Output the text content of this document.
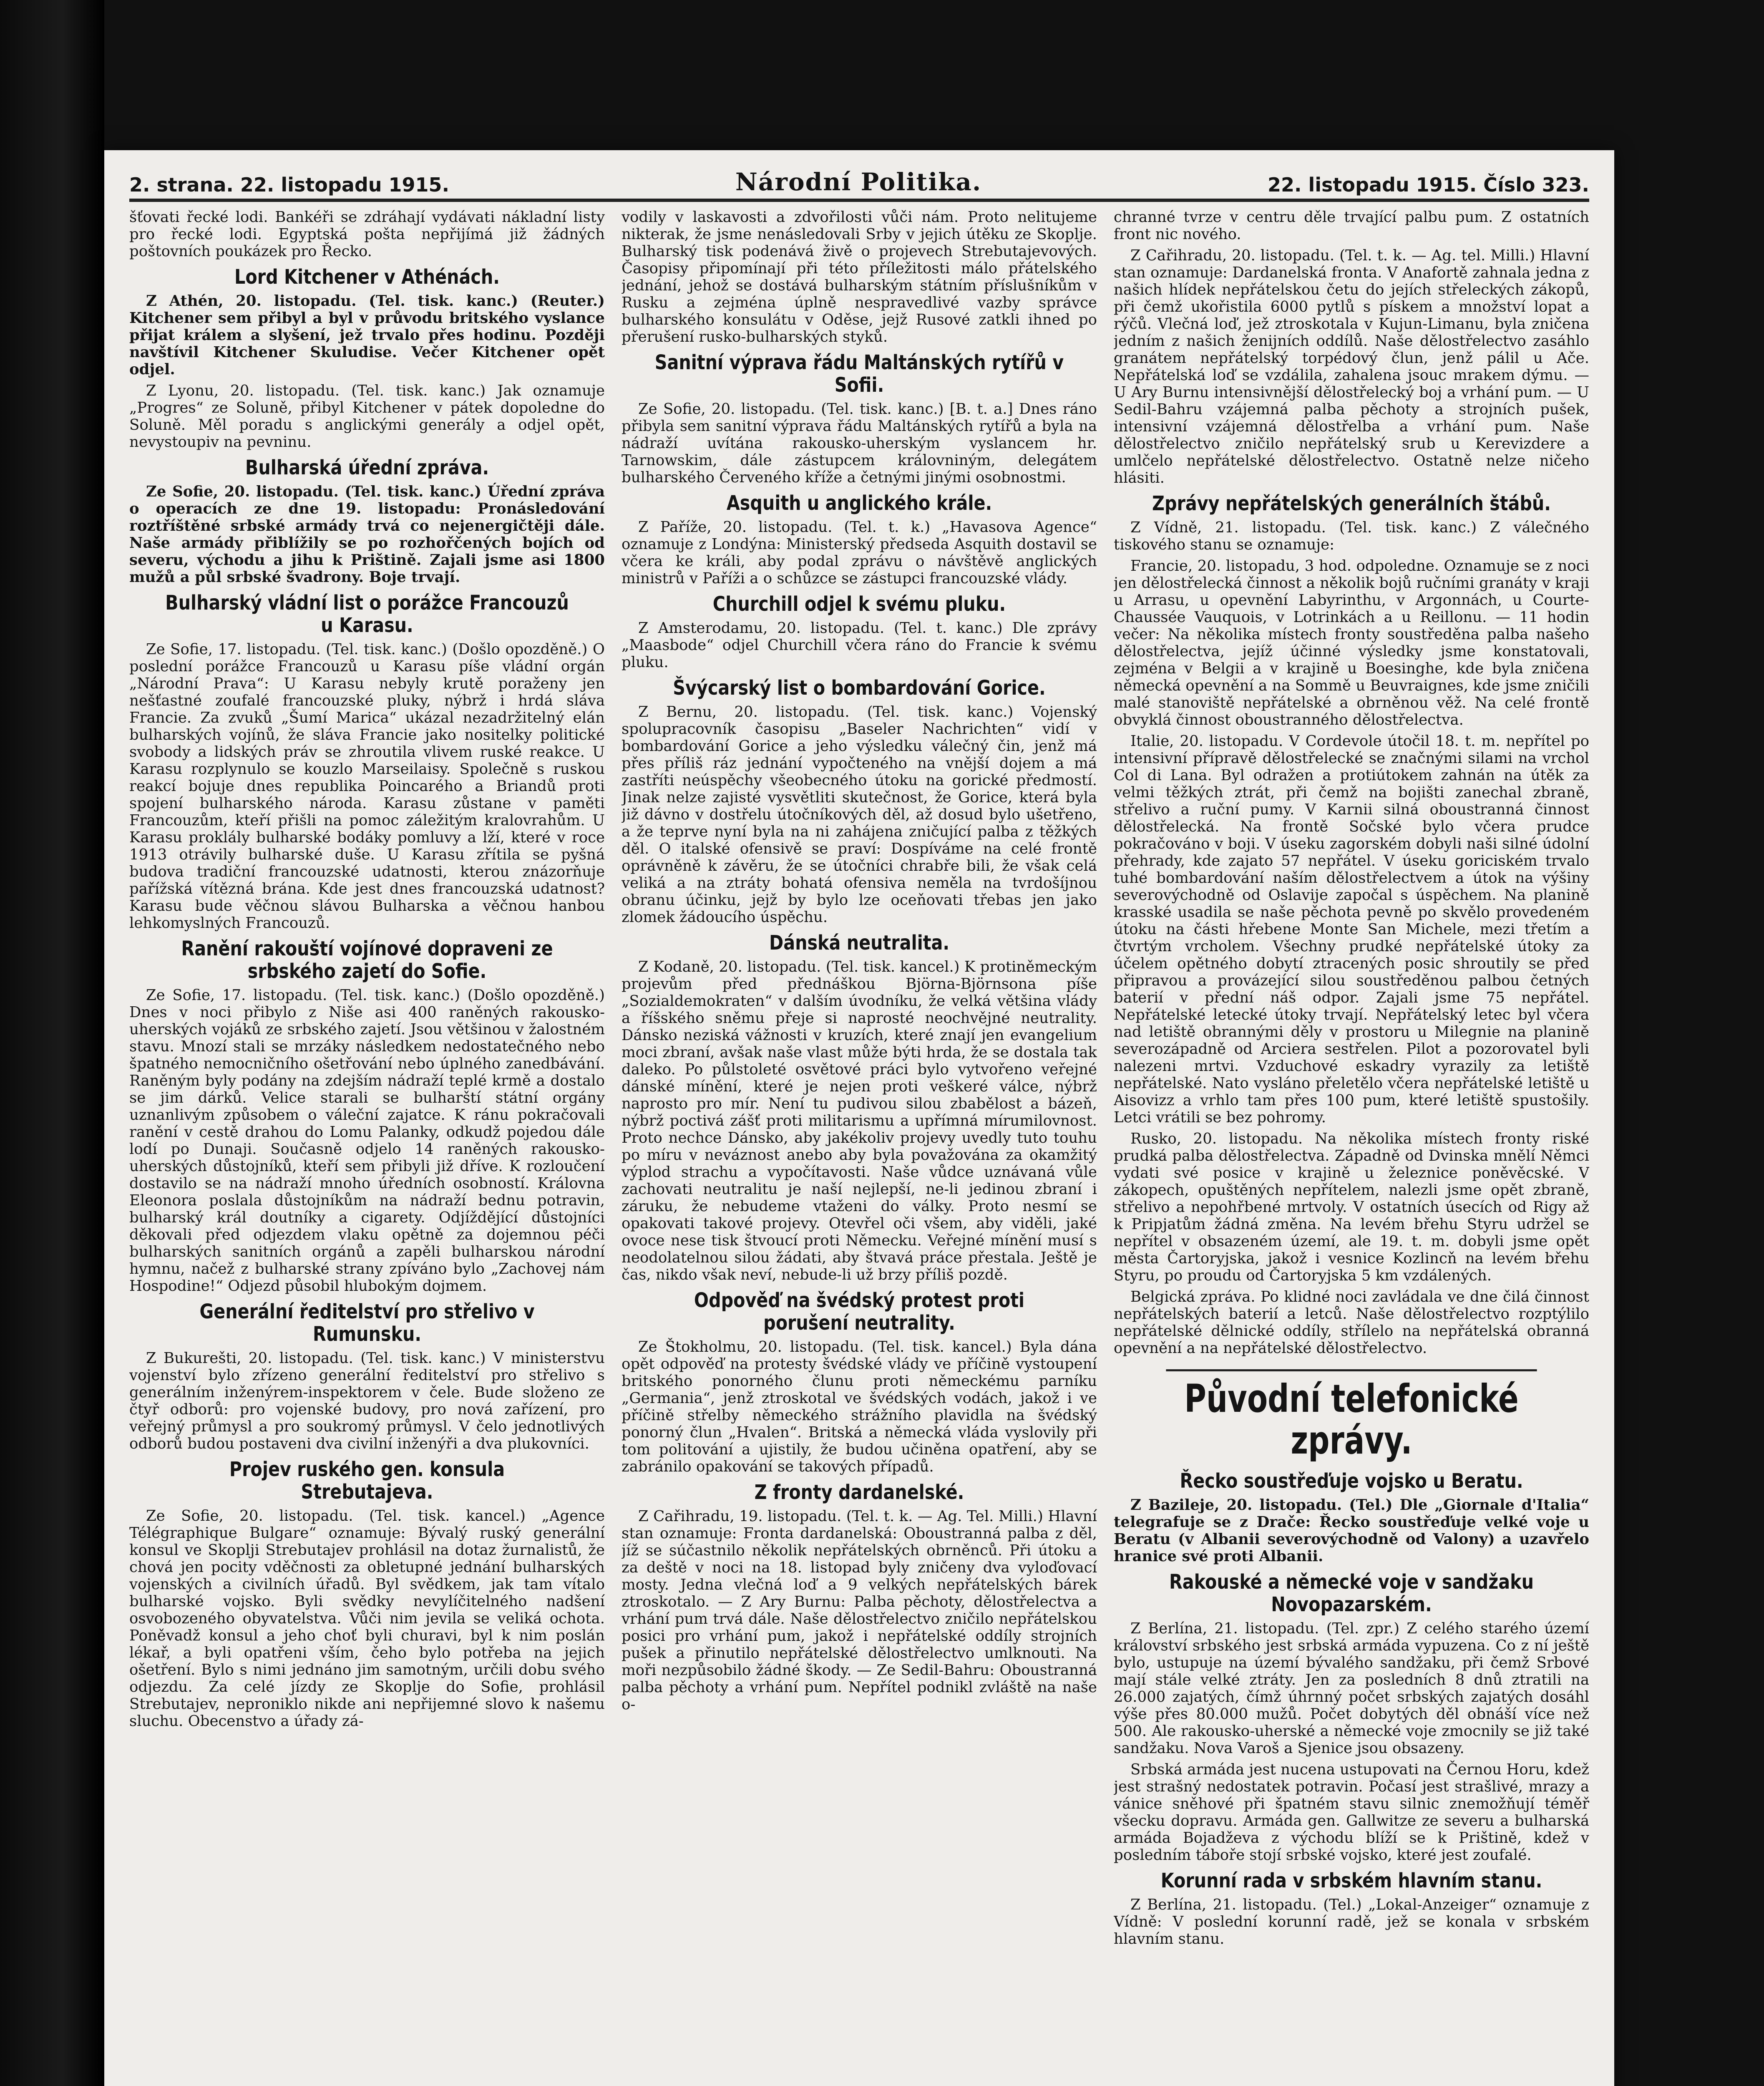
2. strana. 22. listopadu 1915.	Národní Politika.	22. listopadu 1915. Číslo 323.

šťovati řecké lodi. Bankéři se zdráhají vydávati nákladní listy pro řecké lodi. Egyptská pošta nepřijímá již žádných poštovních poukázek pro Řecko.

Lord Kitchener v Athénách.

Z Athén, 20. listopadu. (Tel. tisk. kanc.) (Reuter.) Kitchener sem přibyl a byl v průvodu britského vyslance přijat králem a slyšení, jež trvalo přes hodinu. Později navštívil Kitchener Skuludise. Večer Kitchener opět odjel.

Z Lyonu, 20. listopadu. (Tel. tisk. kanc.) Jak oznamuje „Progres“ ze Soluně, přibyl Kitchener v pátek dopoledne do Soluně. Měl poradu s anglickými generály a odjel opět, nevystoupiv na pevninu.

Bulharská úřední zpráva.

Ze Sofie, 20. listopadu. (Tel. tisk. kanc.) Úřední zpráva o operacích ze dne 19. listopadu: Pronásledování roztříštěné srbské armády trvá co nejenergičtěji dále. Naše armády přiblížily se po rozhořčených bojích od severu, východu a jihu k Prištině. Zajali jsme asi 1800 mužů a půl srbské švadrony. Boje trvají.

Bulharský vládní list o porážce Francouzů u Karasu.

Ze Sofie, 17. listopadu. (Tel. tisk. kanc.) (Došlo opozděně.) O poslední porážce Francouzů u Karasu píše vládní orgán „Národní Prava“: U Karasu nebyly krutě poraženy jen nešťastné zoufalé francouzské pluky, nýbrž i hrdá sláva Francie. Za zvuků „Šumí Marica“ ukázal nezadržitelný elán bulharských vojínů, že sláva Francie jako nositelky politické svobody a lidských práv se zhroutila vlivem ruské reakce. U Karasu rozplynulo se kouzlo Marseilaisy. Společně s ruskou reakcí bojuje dnes republika Poincarého a Briandů proti spojení bulharského národa. Karasu zůstane v paměti Francouzům, kteří přišli na pomoc záležitým kralovrahům. U Karasu proklály bulharské bodáky pomluvy a lží, které v roce 1913 otrávily bulharské duše. U Karasu zřítila se pyšná budova tradiční francouzské udatnosti, kterou znázorňuje pařížská vítězná brána. Kde jest dnes francouzská udatnost? Karasu bude věčnou slávou Bulharska a věčnou hanbou lehkomyslných Francouzů.

Ranění rakouští vojínové dopraveni ze srbského zajetí do Sofie.

Ze Sofie, 17. listopadu. (Tel. tisk. kanc.) (Došlo opozděně.) Dnes v noci přibylo z Niše asi 400 raněných rakousko-uherských vojáků ze srbského zajetí. Jsou většinou v žalostném stavu. Mnozí stali se mrzáky následkem nedostatečného nebo špatného nemocničního ošetřování nebo úplného zanedbávání. Raněným byly podány na zdejším nádraží teplé krmě a dostalo se jim dárků. Velice starali se bulharští státní orgány uznanlivým způsobem o váleční zajatce. K ránu pokračovali ranění v cestě drahou do Lomu Palanky, odkudž pojedou dále lodí po Dunaji. Současně odjelo 14 raněných rakousko-uherských důstojníků, kteří sem přibyli již dříve. K rozloučení dostavilo se na nádraží mnoho úředních osobností. Královna Eleonora poslala důstojníkům na nádraží bednu potravin, bulharský král doutníky a cigarety. Odjíždějící důstojníci děkovali před odjezdem vlaku opětně za dojemnou péči bulharských sanitních orgánů a zapěli bulharskou národní hymnu, načež z bulharské strany zpíváno bylo „Zachovej nám Hospodine!“ Odjezd působil hlubokým dojmem.

Generální ředitelství pro střelivo v Rumunsku.

Z Bukurešti, 20. listopadu. (Tel. tisk. kanc.) V ministerstvu vojenství bylo zřízeno generální ředitelství pro střelivo s generálním inženýrem-inspektorem v čele. Bude složeno ze čtyř odborů: pro vojenské budovy, pro nová zařízení, pro veřejný průmysl a pro soukromý průmysl. V čelo jednotlivých odborů budou postaveni dva civilní inženýři a dva plukovníci.

Projev ruského gen. konsula Strebutajeva.

Ze Sofie, 20. listopadu. (Tel. tisk. kancel.) „Agence Télégraphique Bulgare“ oznamuje: Bývalý ruský generální konsul ve Skoplji Strebutajev prohlásil na dotaz žurnalistů, že chová jen pocity vděčnosti za obletupné jednání bulharských vojenských a civilních úřadů. Byl svědkem, jak tam vítalo bulharské vojsko. Byli svědky nevylíčitelného nadšení osvobozeného obyvatelstva. Vůči nim jevila se veliká ochota. Poněvadž konsul a jeho choť byli churavi, byl k nim poslán lékař, a byli opatřeni vším, čeho bylo potřeba na jejich ošetření. Bylo s nimi jednáno jim samotným, určili dobu svého odjezdu. Za celé jízdy ze Skoplje do Sofie, prohlásil Strebutajev, neproniklo nikde ani nepřijemné slovo k našemu sluchu. Obecenstvo a úřady zá-

vodily v laskavosti a zdvořilosti vůči nám. Proto nelitujeme nikterak, že jsme nenásledovali Srby v jejich útěku ze Skoplje. Bulharský tisk podenává živě o projevech Strebutajevových. Časopisy připomínají při této příležitosti málo přátelského jednání, jehož se dostává bulharským státním příslušníkům v Rusku a zejména úplně nespravedlivé vazby správce bulharského konsulátu v Oděse, jejž Rusové zatkli ihned po přerušení rusko-bulharských styků.

Sanitní výprava řádu Maltánských rytířů v Sofii.

Ze Sofie, 20. listopadu. (Tel. tisk. kanc.) [B. t. a.] Dnes ráno přibyla sem sanitní výprava řádu Maltánských rytířů a byla na nádraží uvítána rakousko-uherským vyslancem hr. Tarnowskim, dále zástupcem královniným, delegátem bulharského Červeného kříže a četnými jinými osobnostmi.

Asquith u anglického krále.

Z Paříže, 20. listopadu. (Tel. t. k.) „Havasova Agence“ oznamuje z Londýna: Ministerský předseda Asquith dostavil se včera ke králi, aby podal zprávu o návštěvě anglických ministrů v Paříži a o schůzce se zástupci francouzské vlády.

Churchill odjel k svému pluku.

Z Amsterodamu, 20. listopadu. (Tel. t. kanc.) Dle zprávy „Maasbode“ odjel Churchill včera ráno do Francie k svému pluku.

Švýcarský list o bombardování Gorice.

Z Bernu, 20. listopadu. (Tel. tisk. kanc.) Vojenský spolupracovník časopisu „Baseler Nachrichten“ vidí v bombardování Gorice a jeho výsledku válečný čin, jenž má přes příliš ráz jednání vypočteného na vnější dojem a má zastříti neúspěchy všeobecného útoku na gorické předmostí. Jinak nelze zajisté vysvětliti skutečnost, že Gorice, která byla již dávno v dostřelu útočníkových děl, až dosud bylo ušetřeno, a že teprve nyní byla na ni zahájena zničující palba z těžkých děl. O italské ofensivě se praví: Dospíváme na celé frontě oprávněně k závěru, že se útočníci chrabře bili, že však celá veliká a na ztráty bohatá ofensiva neměla na tvrdošíjnou obranu účinku, jejž by bylo lze oceňovati třebas jen jako zlomek žádoucího úspěchu.

Dánská neutralita.

Z Kodaně, 20. listopadu. (Tel. tisk. kancel.) K protiněmeckým projevům před přednáškou Björna-Björnsona píše „Sozialdemokraten“ v dalším úvodníku, že velká většina vlády a říšského sněmu přeje si naprosté neochvějné neutrality. Dánsko neziská vážnosti v kruzích, které znají jen evangelium moci zbraní, avšak naše vlast může býti hrda, že se dostala tak daleko. Po půlstoleté osvětové práci bylo vytvořeno veřejné dánské mínění, které je nejen proti veškeré válce, nýbrž naprosto pro mír. Není tu pudivou silou zbabělost a bázeň, nýbrž poctivá zášť proti militarismu a upřímná mírumilovnost. Proto nechce Dánsko, aby jakékoliv projevy uvedly tuto touhu po míru v neváznost anebo aby byla považována za okamžitý výplod strachu a vypočítavosti. Naše vůdce uznávaná vůle zachovati neutralitu je naší nejlepší, ne-li jedinou zbraní i záruku, že nebudeme vtaženi do války. Proto nesmí se opakovati takové projevy. Otevřel oči všem, aby viděli, jaké ovoce nese tisk štvoucí proti Německu. Veřejné mínění musí s neodolatelnou silou žádati, aby štvavá práce přestala. Ještě je čas, nikdo však neví, nebude-li už brzy příliš pozdě.

Odpověď na švédský protest proti porušení neutrality.

Ze Štokholmu, 20. listopadu. (Tel. tisk. kancel.) Byla dána opět odpověď na protesty švédské vlády ve příčině vystoupení britského ponorného člunu proti německému parníku „Germania“, jenž ztroskotal ve švédských vodách, jakož i ve příčině střelby německého strážního plavidla na švédský ponorný člun „Hvalen“. Britská a německá vláda vyslovily při tom politování a ujistily, že budou učiněna opatření, aby se zabránilo opakování se takových případů.

Z fronty dardanelské.

Z Cařihradu, 19. listopadu. (Tel. t. k. — Ag. Tel. Milli.) Hlavní stan oznamuje: Fronta dardanelská: Oboustranná palba z děl, jíž se súčastnilo několik nepřátelských obrněnců. Při útoku a za deště v noci na 18. listopad byly zničeny dva vyloďovací mosty. Jedna vlečná loď a 9 velkých nepřátelských bárek ztroskotalo. — Z Ary Burnu: Palba pěchoty, dělostřelectva a vrhání pum trvá dále. Naše dělostřelectvo zničilo nepřátelskou posici pro vrhání pum, jakož i nepřátelské oddíly strojních pušek a přinutilo nepřátelské dělostřelectvo umlknouti. Na moři nezpůsobilo žádné škody. — Ze Sedil-Bahru: Oboustranná palba pěchoty a vrhání pum. Nepřítel podnikl zvláště na naše o-

chranné tvrze v centru děle trvající palbu pum. Z ostatních front nic nového.

Z Cařihradu, 20. listopadu. (Tel. t. k. — Ag. tel. Milli.) Hlavní stan oznamuje: Dardanelská fronta. V Anafortě zahnala jedna z našich hlídek nepřátelskou četu do jejích střeleckých zákopů, při čemž ukořistila 6000 pytlů s pískem a množství lopat a rýčů. Vlečná loď, jež ztroskotala v Kujun-Limanu, byla zničena jedním z našich ženijních oddílů. Naše dělostřelectvo zasáhlo granátem nepřátelský torpédový člun, jenž pálil u Ače. Nepřátelská loď se vzdálila, zahalena jsouc mrakem dýmu. — U Ary Burnu intensivnější dělostřelecký boj a vrhání pum. — U Sedil-Bahru vzájemná palba pěchoty a strojních pušek, intensivní vzájemná dělostřelba a vrhání pum. Naše dělostřelectvo zničilo nepřátelský srub u Kerevizdere a umlčelo nepřátelské dělostřelectvo. Ostatně nelze ničeho hlásiti.

Zprávy nepřátelských generálních štábů.

Z Vídně, 21. listopadu. (Tel. tisk. kanc.) Z válečného tiskového stanu se oznamuje:

Francie, 20. listopadu, 3 hod. odpoledne. Oznamuje se z noci jen dělostřelecká činnost a několik bojů ručními granáty v kraji u Arrasu, u opevnění Labyrinthu, v Argonnách, u Courte-Chaussée Vauquois, v Lotrinkách a u Reillonu. — 11 hodin večer: Na několika místech fronty soustředěna palba našeho dělostřelectva, jejíž účinné výsledky jsme konstatovali, zejména v Belgii a v krajině u Boesinghe, kde byla zničena německá opevnění a na Sommě u Beuvraignes, kde jsme zničili malé stanoviště nepřátelské a obrněnou věž. Na celé frontě obvyklá činnost oboustranného dělostřelectva.

Italie, 20. listopadu. V Cordevole útočil 18. t. m. nepřítel po intensivní přípravě dělostřelecké se značnými silami na vrchol Col di Lana. Byl odražen a protiútokem zahnán na útěk za velmi těžkých ztrát, při čemž na bojišti zanechal zbraně, střelivo a ruční pumy. V Karnii silná oboustranná činnost dělostřelecká. Na frontě Sočské bylo včera prudce pokračováno v boji. V úseku zagorském dobyli naši silné údolní přehrady, kde zajato 57 nepřátel. V úseku goriciském trvalo tuhé bombardování naším dělostřelectvem a útok na výšiny severovýchodně od Oslavije započal s úspěchem. Na planině krasské usadila se naše pěchota pevně po skvělo provedeném útoku na části hřebene Monte San Michele, mezi třetím a čtvrtým vrcholem. Všechny prudké nepřátelské útoky za účelem opětného dobytí ztracených posic shroutily se před připravou a provázející silou soustředěnou palbou četných baterií v přední náš odpor. Zajali jsme 75 nepřátel. Nepřátelské letecké útoky trvají. Nepřátelský letec byl včera nad letiště obrannými děly v prostoru u Milegnie na planině severozápadně od Arciera sestřelen. Pilot a pozorovatel byli nalezeni mrtvi. Vzduchové eskadry vyrazily za letiště nepřátelské. Nato vysláno přeletělo včera nepřátelské letiště u Aisovizz a vrhlo tam přes 100 pum, které letiště spustošily. Letci vrátili se bez pohromy.

Rusko, 20. listopadu. Na několika místech fronty riské prudká palba dělostřelectva. Západně od Dvinska mnělí Němci vydati své posice v krajině u železnice poněvěcské. V zákopech, opuštěných nepřítelem, nalezli jsme opět zbraně, střelivo a nepohřbené mrtvoly. V ostatních úsecích od Rigy až k Pripjatům žádná změna. Na levém břehu Styru udržel se nepřítel v obsazeném území, ale 19. t. m. dobyli jsme opět města Čartoryjska, jakož i vesnice Kozlincň na levém břehu Styru, po proudu od Čartoryjska 5 km vzdálených.

Belgická zpráva. Po klidné noci zavládala ve dne čilá činnost nepřátelských baterií a letců. Naše dělostřelectvo rozptýlilo nepřátelské dělnické oddíly, střílelo na nepřátelská obranná opevnění a na nepřátelské dělostřelectvo.

Původní telefonické zprávy.
Řecko soustřeďuje vojsko u Beratu.

Z Bazileje, 20. listopadu. (Tel.) Dle „Giornale d'Italia“ telegrafuje se z Drače: Řecko soustřeďuje velké voje u Beratu (v Albanii severovýchodně od Valony) a uzavřelo hranice své proti Albanii.

Rakouské a německé voje v sandžaku Novopazarském.

Z Berlína, 21. listopadu. (Tel. zpr.) Z celého starého území království srbského jest srbská armáda vypuzena. Co z ní ještě bylo, ustupuje na území bývalého sandžaku, při čemž Srbové mají stále velké ztráty. Jen za posledních 8 dnů ztratili na 26.000 zajatých, čímž úhrnný počet srbských zajatých dosáhl výše přes 80.000 mužů. Počet dobytých děl obnáší více než 500. Ale rakousko-uherské a německé voje zmocnily se již také sandžaku. Nova Varoš a Sjenice jsou obsazeny.

Srbská armáda jest nucena ustupovati na Černou Horu, kdež jest strašný nedostatek potravin. Počasí jest strašlivé, mrazy a vánice sněhové při špatném stavu silnic znemožňují téměř všecku dopravu. Armáda gen. Gallwitze ze severu a bulharská armáda Bojadževa z východu blíží se k Prištině, kdež v posledním táboře stojí srbské vojsko, které jest zoufalé.

Korunní rada v srbském hlavním stanu.

Z Berlína, 21. listopadu. (Tel.) „Lokal-Anzeiger“ oznamuje z Vídně: V poslední korunní radě, jež se konala v srbském hlavním stanu.
